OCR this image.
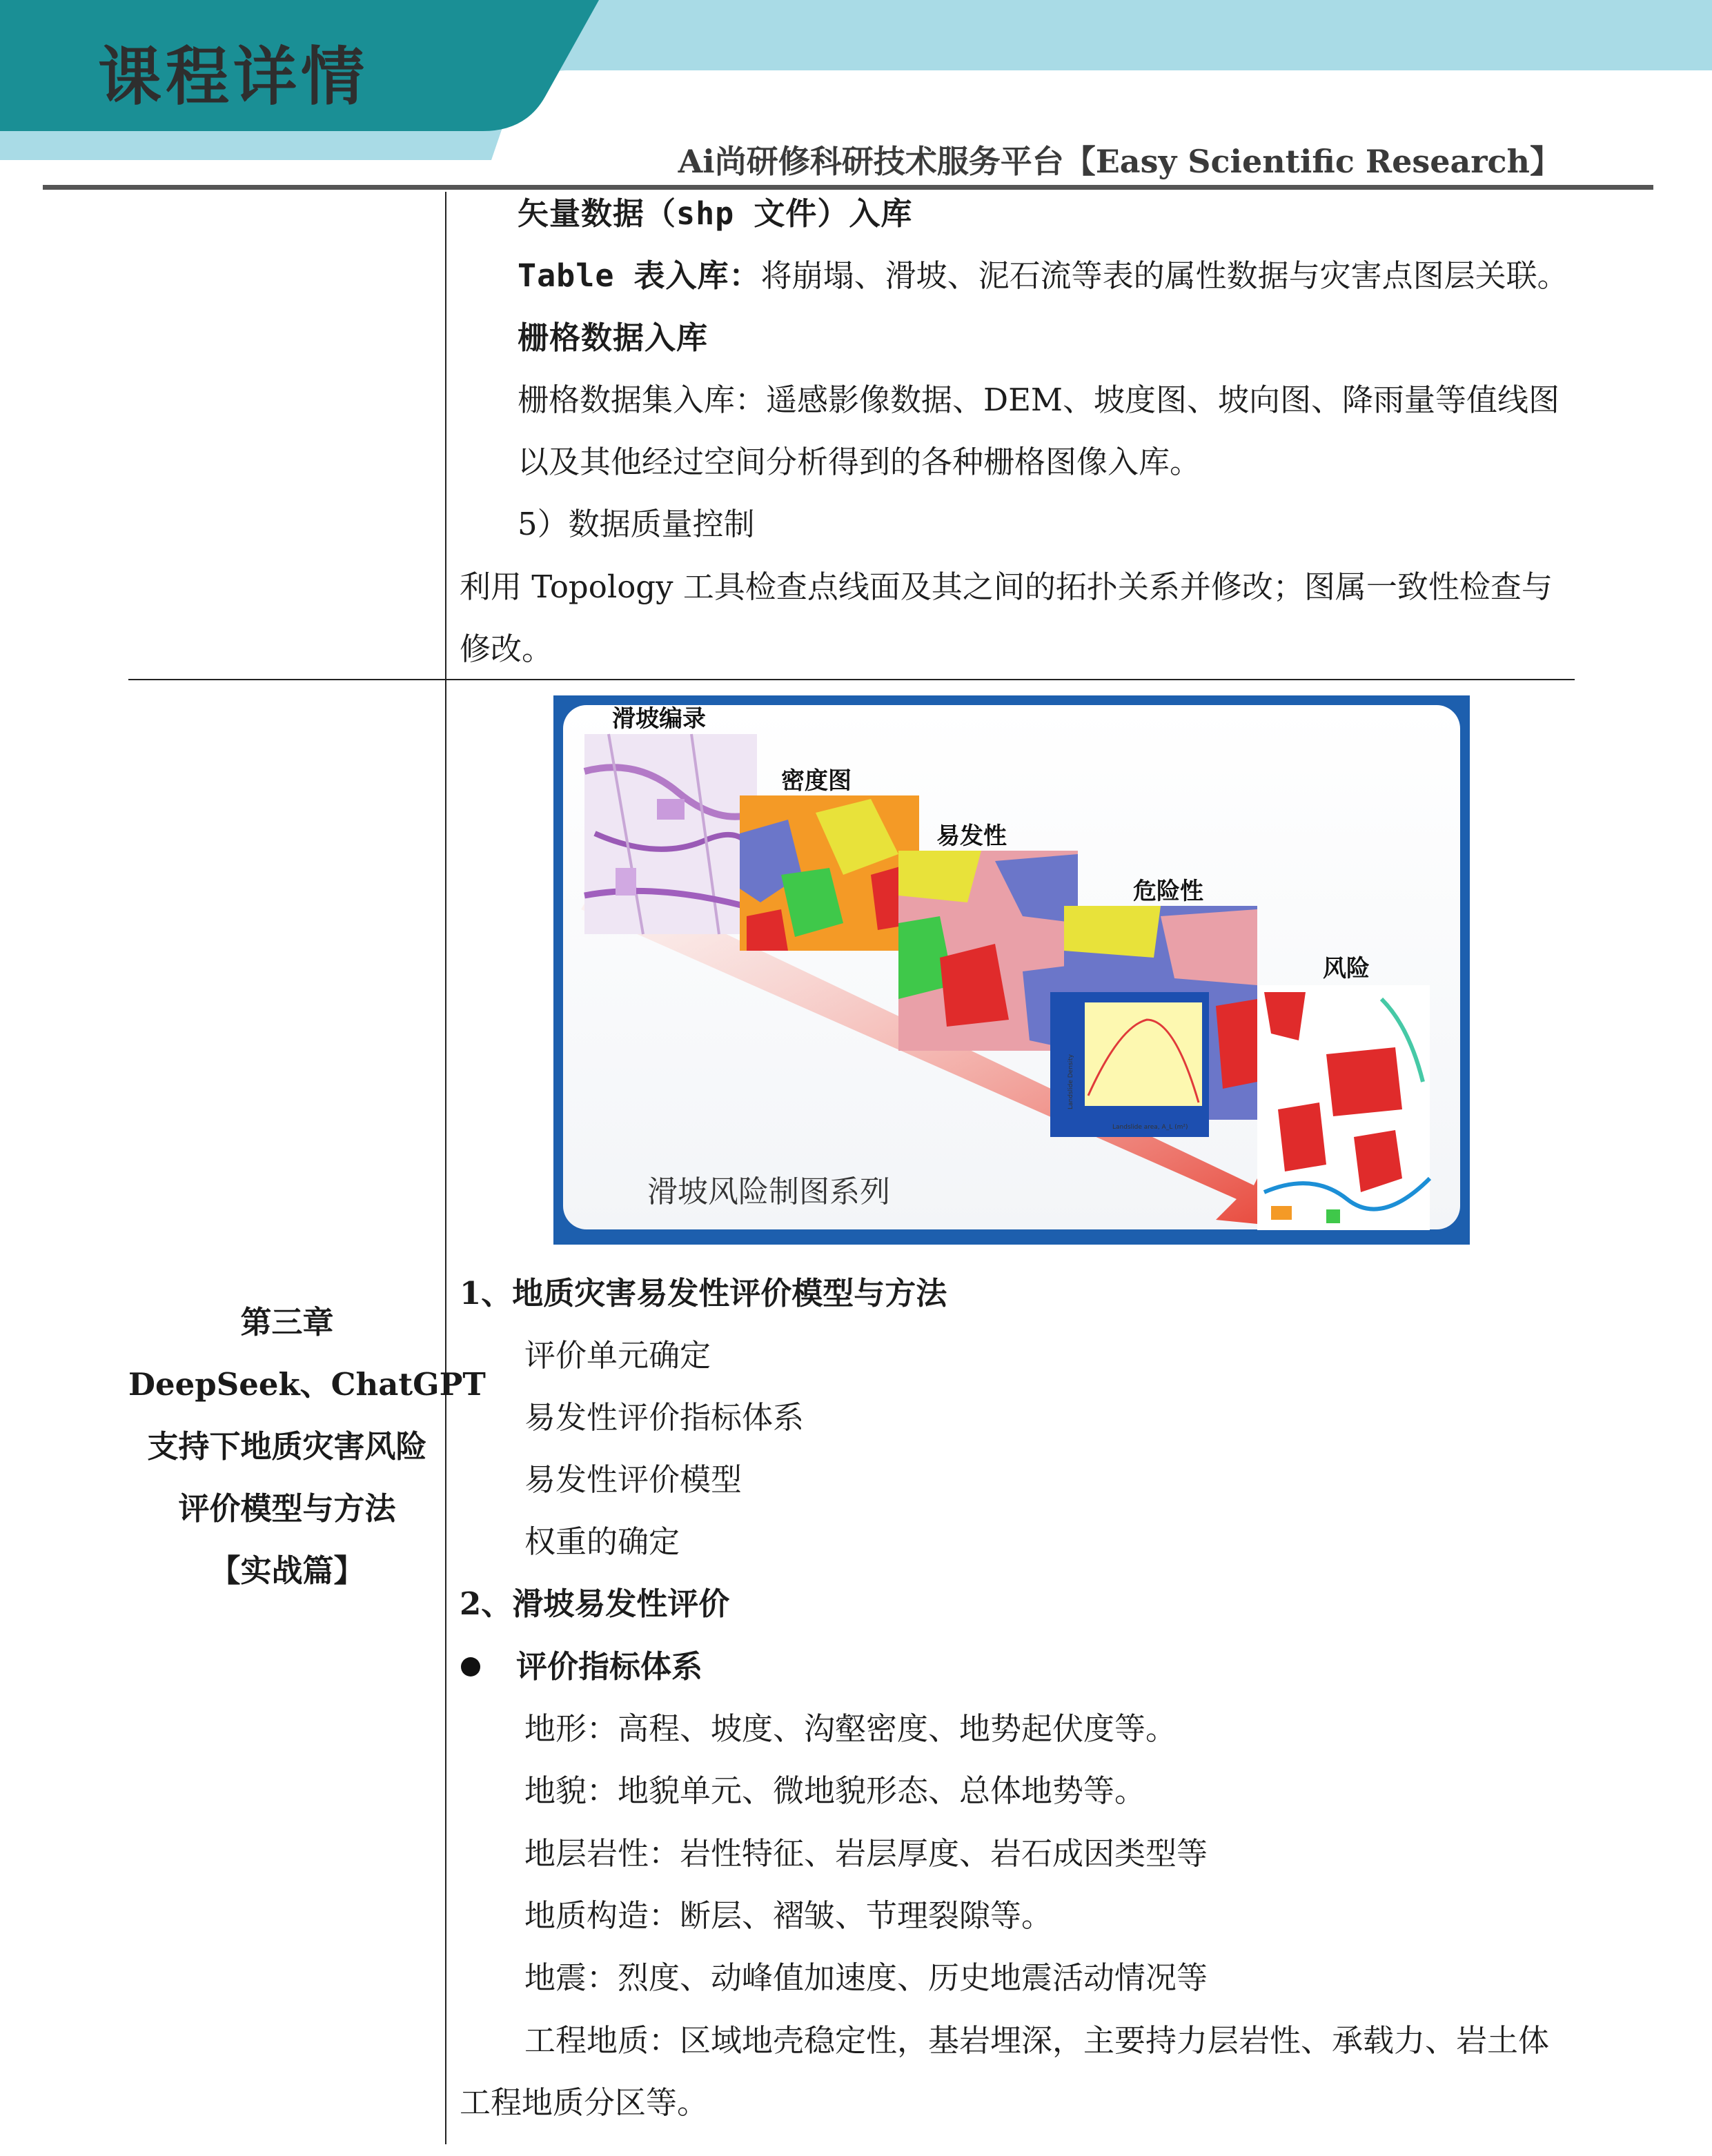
课程详情
Ai尚研修科研技术服务平台【Easy Scientific Research】
矢量数据（shp 文件）入库
Table 表入库：将崩塌、滑坡、泥石流等表的属性数据与灾害点图层关联。
栅格数据入库
栅格数据集入库：遥感影像数据、DEM、坡度图、坡向图、降雨量等值线图
以及其他经过空间分析得到的各种栅格图像入库。
5）数据质量控制
利用 Topology 工具检查点线面及其之间的拓扑关系并修改；图属一致性检查与
修改。
Landslide area, A_L (m²)
Landslide Density
滑坡编录
密度图
易发性
危险性
风险
滑坡风险制图系列
第三章
DeepSeek、ChatGPT
支持下地质灾害风险
评价模型与方法
【实战篇】
1、地质灾害易发性评价模型与方法
评价单元确定
易发性评价指标体系
易发性评价模型
权重的确定
2、滑坡易发性评价
评价指标体系
地形：高程、坡度、沟壑密度、地势起伏度等。
地貌：地貌单元、微地貌形态、总体地势等。
地层岩性：岩性特征、岩层厚度、岩石成因类型等
地质构造：断层、褶皱、节理裂隙等。
地震：烈度、动峰值加速度、历史地震活动情况等
工程地质：区域地壳稳定性，基岩埋深，主要持力层岩性、承载力、岩土体
工程地质分区等。
